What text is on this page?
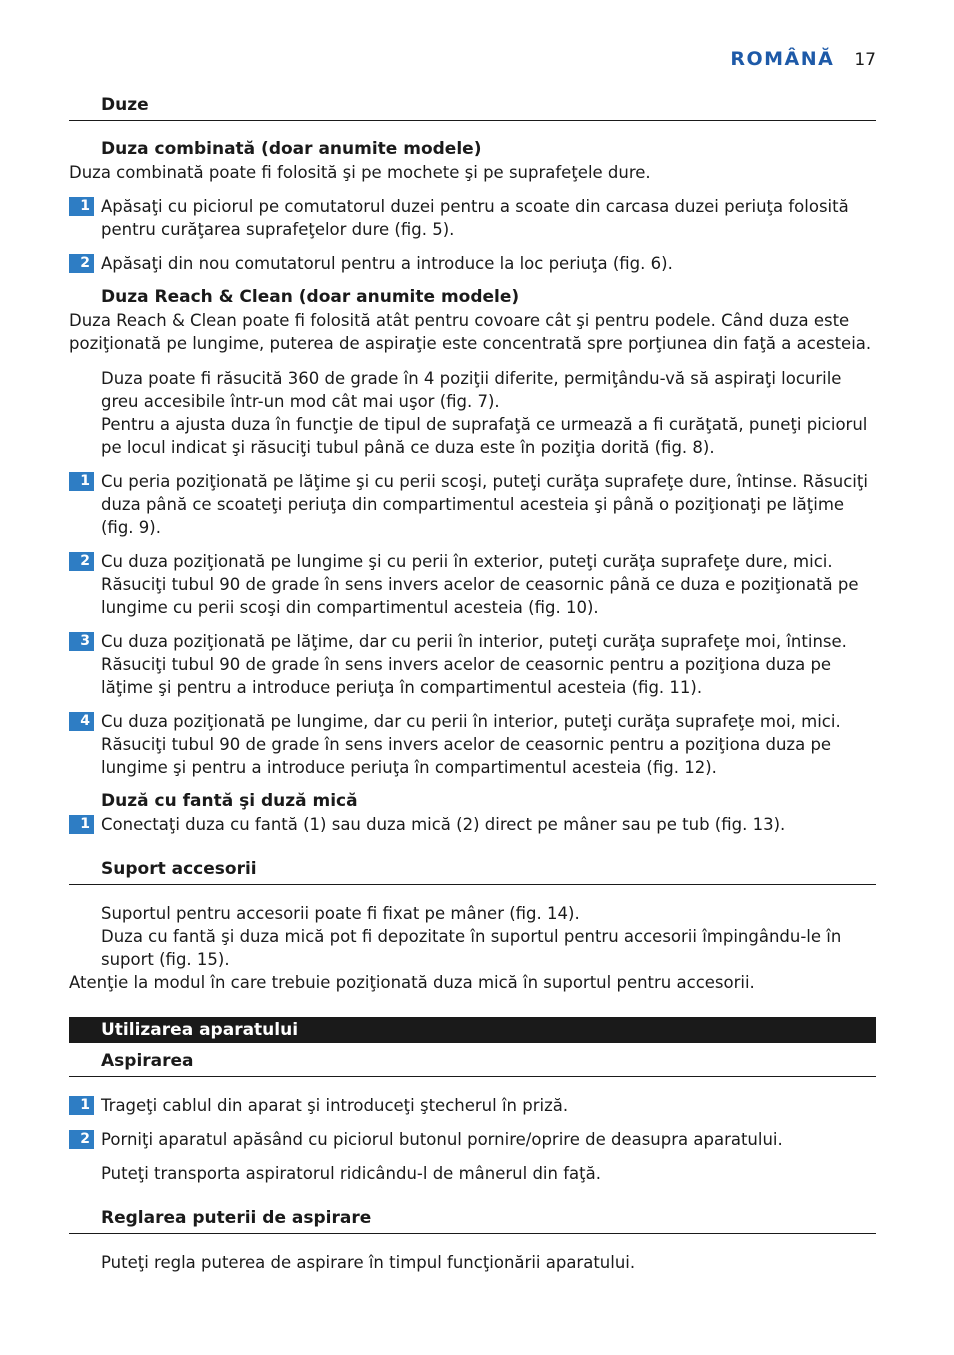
ROMÂNĂ 17
Duze
Duza combinată (doar anumite modele)

Duza combinată poate fi folosită şi pe mochete şi pe suprafeţele dure.

1 Apăsaţi cu piciorul pe comutatorul duzei pentru a scoate din carcasa duzei periuţa folosită pentru curăţarea suprafeţelor dure (fig. 5).

2 Apăsaţi din nou comutatorul pentru a introduce la loc periuţa (fig. 6).

Duza Reach & Clean (doar anumite modele)

Duza Reach & Clean poate fi folosită atât pentru covoare cât şi pentru podele. Când duza este poziţionată pe lungime, puterea de aspiraţie este concentrată spre porţiunea din faţă a acesteia.

Duza poate fi răsucită 360 de grade în 4 poziţii diferite, permiţându-vă să aspiraţi locurile greu accesibile într-un mod cât mai uşor (fig. 7).

Pentru a ajusta duza în funcţie de tipul de suprafaţă ce urmează a fi curăţată, puneţi piciorul pe locul indicat şi răsuciţi tubul până ce duza este în poziţia dorită (fig. 8).

1 Cu peria poziţionată pe lăţime şi cu perii scoşi, puteţi curăţa suprafeţe dure, întinse. Răsuciţi duza până ce scoateţi periuţa din compartimentul acesteia şi până o poziţionaţi pe lăţime (fig. 9).

2 Cu duza poziţionată pe lungime şi cu perii în exterior, puteţi curăţa suprafeţe dure, mici. Răsuciţi tubul 90 de grade în sens invers acelor de ceasornic până ce duza e poziţionată pe lungime cu perii scoşi din compartimentul acesteia (fig. 10).

3 Cu duza poziţionată pe lăţime, dar cu perii în interior, puteţi curăţa suprafeţe moi, întinse. Răsuciţi tubul 90 de grade în sens invers acelor de ceasornic pentru a poziţiona duza pe lăţime şi pentru a introduce periuţa în compartimentul acesteia (fig. 11).

4 Cu duza poziţionată pe lungime, dar cu perii în interior, puteţi curăţa suprafeţe moi, mici. Răsuciţi tubul 90 de grade în sens invers acelor de ceasornic pentru a poziţiona duza pe lungime şi pentru a introduce periuţa în compartimentul acesteia (fig. 12).

Duză cu fantă şi duză mică
1 Conectaţi duza cu fantă (1) sau duza mică (2) direct pe mâner sau pe tub (fig. 13).

Suport accesorii

Suportul pentru accesorii poate fi fixat pe mâner (fig. 14).

Duza cu fantă şi duza mică pot fi depozitate în suportul pentru accesorii împingându-le în suport (fig. 15).

Atenţie la modul în care trebuie poziţionată duza mică în suportul pentru accesorii.

Utilizarea aparatului
Aspirarea
1 Trageţi cablul din aparat şi introduceţi ştecherul în priză.

2 Porniţi aparatul apăsând cu piciorul butonul pornire/oprire de deasupra aparatului.

Puteţi transporta aspiratorul ridicându-l de mânerul din faţă.

Reglarea puterii de aspirare

Puteţi regla puterea de aspirare în timpul funcţionării aparatului.
